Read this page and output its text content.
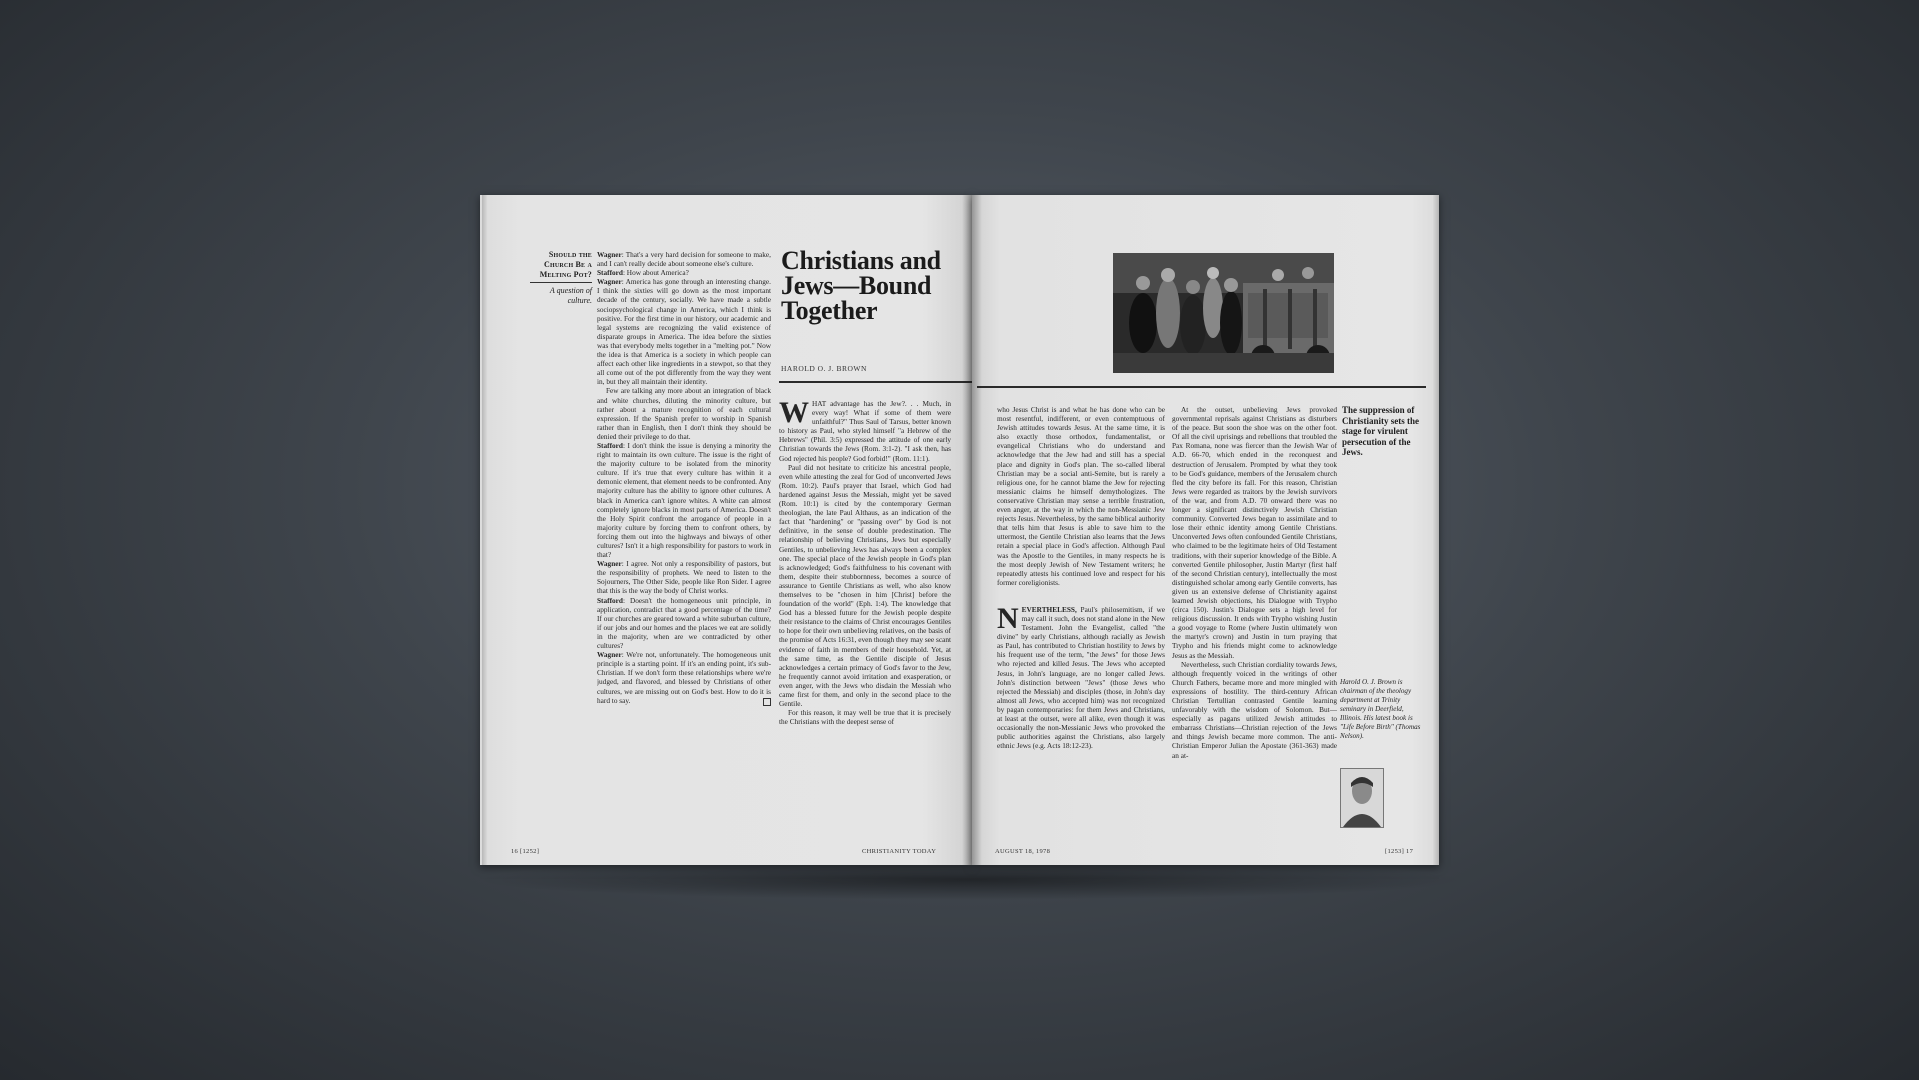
Should the Church Be a Melting Pot?
A question of culture.

Wagner: That's a very hard decision for someone to make, and I can't really decide about someone else's culture.

Stafford: How about America?

Wagner: America has gone through an interesting change. I think the sixties will go down as the most important decade of the century, socially. We have made a subtle sociopsychological change in America, which I think is positive. For the first time in our history, our academic and legal systems are recognizing the valid existence of disparate groups in America. The idea before the sixties was that everybody melts together in a "melting pot." Now the idea is that America is a society in which people can affect each other like ingredients in a stewpot, so that they all come out of the pot differently from the way they went in, but they all maintain their identity.

Few are talking any more about an integration of black and white churches, diluting the minority culture, but rather about a mature recognition of each cultural expression. If the Spanish prefer to worship in Spanish rather than in English, then I don't think they should be denied their privilege to do that.

Stafford: I don't think the issue is denying a minority the right to maintain its own culture. The issue is the right of the majority culture to be isolated from the minority culture. If it's true that every culture has within it a demonic element, that element needs to be confronted. Any majority culture has the ability to ignore other cultures. A black in America can't ignore whites. A white can almost completely ignore blacks in most parts of America. Doesn't the Holy Spirit confront the arrogance of people in a majority culture by forcing them to confront others, by forcing them out into the highways and biways of other cultures? Isn't it a high responsibility for pastors to work in that?

Wagner: I agree. Not only a responsibility of pastors, but the responsibility of prophets. We need to listen to the Sojourners, The Other Side, people like Ron Sider. I agree that this is the way the body of Christ works.

Stafford: Doesn't the homogeneous unit principle, in application, contradict that a good percentage of the time? If our churches are geared toward a white suburban culture, if our jobs and our homes and the places we eat are solidly in the majority, when are we contradicted by other cultures?

Wagner: We're not, unfortunately. The homogeneous unit principle is a starting point. If it's an ending point, it's sub-Christian. If we don't form these relationships where we're judged, and flavored, and blessed by Christians of other cultures, we are missing out on God's best. How to do it is hard to say.

Christians and Jews—Bound Together
HAROLD O. J. BROWN

WHAT advantage has the Jew?. . . Much, in every way! What if some of them were unfaithful?" Thus Saul of Tarsus, better known to history as Paul, who styled himself "a Hebrew of the Hebrews" (Phil. 3:5) expressed the attitude of one early Christian towards the Jews (Rom. 3:1-2). "I ask then, has God rejected his people? God forbid!" (Rom. 11:1).

Paul did not hesitate to criticize his ancestral people, even while attesting the zeal for God of unconverted Jews (Rom. 10:2). Paul's prayer that Israel, which God had hardened against Jesus the Messiah, might yet be saved (Rom. 10:1) is cited by the contemporary German theologian, the late Paul Althaus, as an indication of the fact that "hardening" or "passing over" by God is not definitive, in the sense of double predestination. The relationship of believing Christians, Jews but especially Gentiles, to unbelieving Jews has always been a complex one. The special place of the Jewish people in God's plan is acknowledged; God's faithfulness to his covenant with them, despite their stubbornness, becomes a source of assurance to Gentile Christians as well, who also know themselves to be "chosen in him [Christ] before the foundation of the world" (Eph. 1:4). The knowledge that God has a blessed future for the Jewish people despite their resistance to the claims of Christ encourages Gentiles to hope for their own unbelieving relatives, on the basis of the promise of Acts 16:31, even though they may see scant evidence of faith in members of their household. Yet, at the same time, as the Gentile disciple of Jesus acknowledges a certain primacy of God's favor to the Jew, he frequently cannot avoid irritation and exasperation, or even anger, with the Jews who disdain the Messiah who came first for them, and only in the second place to the Gentile.

For this reason, it may well be true that it is precisely the Christians with the deepest sense of

16 [1252]	CHRISTIANITY TODAY

who Jesus Christ is and what he has done who can be most resentful, indifferent, or even contemptuous of Jewish attitudes towards Jesus. At the same time, it is also exactly those orthodox, fundamentalist, or evangelical Christians who do understand and acknowledge that the Jew had and still has a special place and dignity in God's plan. The so-called liberal Christian may be a social anti-Semite, but is rarely a religious one, for he cannot blame the Jew for rejecting messianic claims he himself demythologizes. The conservative Christian may sense a terrible frustration, even anger, at the way in which the non-Messianic Jew rejects Jesus. Nevertheless, by the same biblical authority that tells him that Jesus is able to save him to the uttermost, the Gentile Christian also learns that the Jews retain a special place in God's affection. Although Paul was the Apostle to the Gentiles, in many respects he is the most deeply Jewish of New Testament writers; he repeatedly attests his continued love and respect for his former coreligionists.

NEVERTHELESS, Paul's philosemitism, if we may call it such, does not stand alone in the New Testament. John the Evangelist, called "the divine" by early Christians, although racially as Jewish as Paul, has contributed to Christian hostility to Jews by his frequent use of the term, "the Jews" for those Jews who rejected and killed Jesus. The Jews who accepted Jesus, in John's language, are no longer called Jews. John's distinction between "Jews" (those Jews who rejected the Messiah) and disciples (those, in John's day almost all Jews, who accepted him) was not recognized by pagan contemporaries: for them Jews and Christians, at least at the outset, were all alike, even though it was occasionally the non-Messianic Jews who provoked the public authorities against the Christians, also largely ethnic Jews (e.g. Acts 18:12-23).

At the outset, unbelieving Jews provoked governmental reprisals against Christians as disturbers of the peace. But soon the shoe was on the other foot. Of all the civil uprisings and rebellions that troubled the Pax Romana, none was fiercer than the Jewish War of A.D. 66-70, which ended in the reconquest and destruction of Jerusalem. Prompted by what they took to be God's guidance, members of the Jerusalem church fled the city before its fall. For this reason, Christian Jews were regarded as traitors by the Jewish survivors of the war, and from A.D. 70 onward there was no longer a significant distinctively Jewish Christian community. Converted Jews began to assimilate and to lose their ethnic identity among Gentile Christians. Unconverted Jews often confounded Gentile Christians, who claimed to be the legitimate heirs of Old Testament traditions, with their superior knowledge of the Bible. A converted Gentile philosopher, Justin Martyr (first half of the second Christian century), intellectually the most distinguished scholar among early Gentile converts, has given us an extensive defense of Christianity against learned Jewish objections, his Dialogue with Trypho (circa 150). Justin's Dialogue sets a high level for religious discussion. It ends with Trypho wishing Justin a good voyage to Rome (where Justin ultimately won the martyr's crown) and Justin in turn praying that Trypho and his friends might come to acknowledge Jesus as the Messiah.

Nevertheless, such Christian cordiality towards Jews, although frequently voiced in the writings of other Church Fathers, became more and more mingled with expressions of hostility. The third-century African Christian Tertullian contrasted Gentile learning unfavorably with the wisdom of Solomon. But—especially as pagans utilized Jewish attitudes to embarrass Christians—Christian rejection of the Jews and things Jewish became more common. The anti-Christian Emperor Julian the Apostate (361-363) made an at-

The suppression of Christianity sets the stage for virulent persecution of the Jews.
Harold O. J. Brown is chairman of the theology department at Trinity seminary in Deerfield, Illinois. His latest book is "Life Before Birth" (Thomas Nelson).
AUGUST 18, 1978	[1253] 17
